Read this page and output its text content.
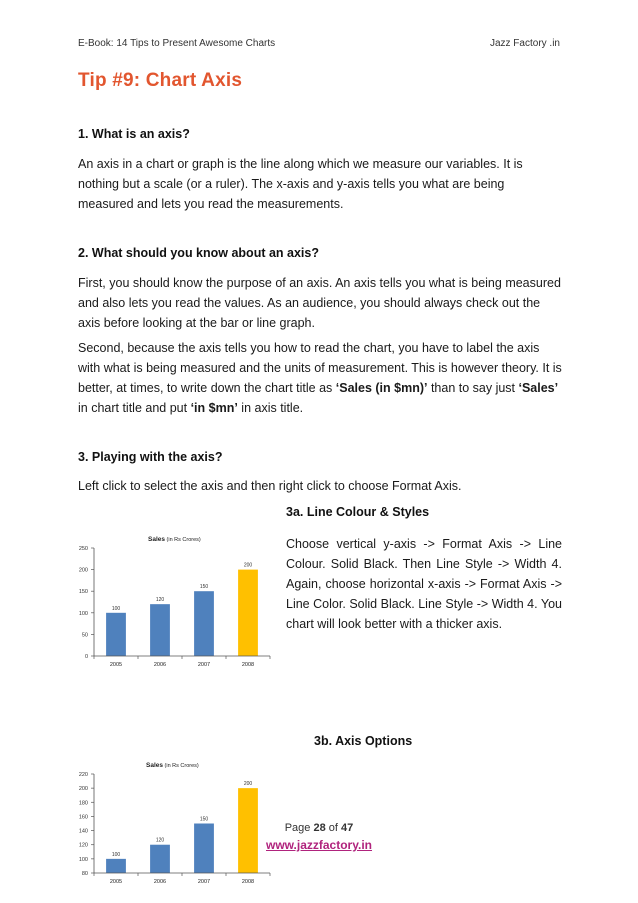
E-Book: 14 Tips to Present Awesome Charts	Jazz Factory .in
Tip #9: Chart Axis
1. What is an axis?
An axis in a chart or graph is the line along which we measure our variables. It is nothing but a scale (or a ruler). The x-axis and y-axis tells you what are being measured and lets you read the measurements.
2. What should you know about an axis?
First, you should know the purpose of an axis. An axis tells you what is being measured and also lets you read the values. As an audience, you should always check out the axis before looking at the bar or line graph.
Second, because the axis tells you how to read the chart, you have to label the axis with what is being measured and the units of measurement. This is however theory. It is better, at times, to write down the chart title as ‘Sales (in $mn)’ than to say just ‘Sales’ in chart title and put ‘in $mn’ in axis title.
3. Playing with the axis?
Left click to select the axis and then right click to choose Format Axis.
3a. Line Colour & Styles
Choose vertical y-axis -> Format Axis -> Line Colour. Solid Black. Then Line Style -> Width 4. Again, choose horizontal x-axis -> Format Axis -> Line Color. Solid Black. Line Style -> Width 4. You chart will look better with a thicker axis.
3b. Axis Options
Sales (in Rs Crores)
0
50
100
150
200
250
100
2005
120
2006
150
2007
200
2008
Sales (in Rs Crores)
80
100
120
140
160
180
200
220
100
2005
120
2006
150
2007
200
2008
Page 28 of 47
www.jazzfactory.in
